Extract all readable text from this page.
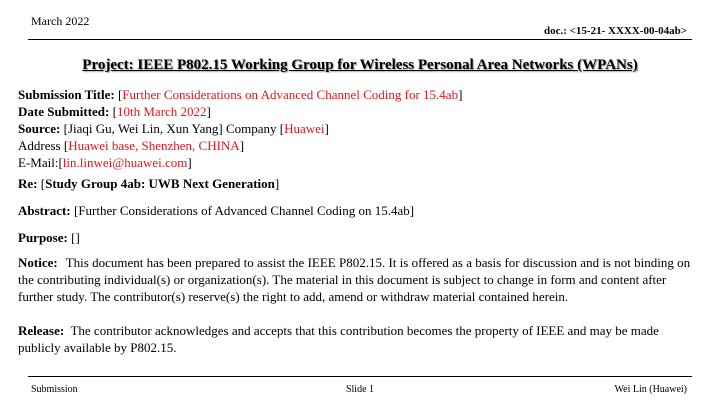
March 2022
doc.: <15-21- XXXX-00-04ab>
Project: IEEE P802.15 Working Group for Wireless Personal Area Networks (WPANs)
Submission Title: [Further Considerations on Advanced Channel Coding for 15.4ab]
Date Submitted: [10th March 2022]
Source: [Jiaqi Gu, Wei Lin, Xun Yang] Company [Huawei]
Address [Huawei base, Shenzhen, CHINA]
E-Mail:[lin.linwei@huawei.com]
Re: [Study Group 4ab: UWB Next Generation]
Abstract: [Further Considerations of Advanced Channel Coding on 15.4ab]
Purpose: []
Notice: This document has been prepared to assist the IEEE P802.15. It is offered as a basis for discussion and is not binding on the contributing individual(s) or organization(s). The material in this document is subject to change in form and content after further study. The contributor(s) reserve(s) the right to add, amend or withdraw material contained herein.
Release: The contributor acknowledges and accepts that this contribution becomes the property of IEEE and may be made publicly available by P802.15.
Submission	Slide 1	Wei Lin (Huawei)
